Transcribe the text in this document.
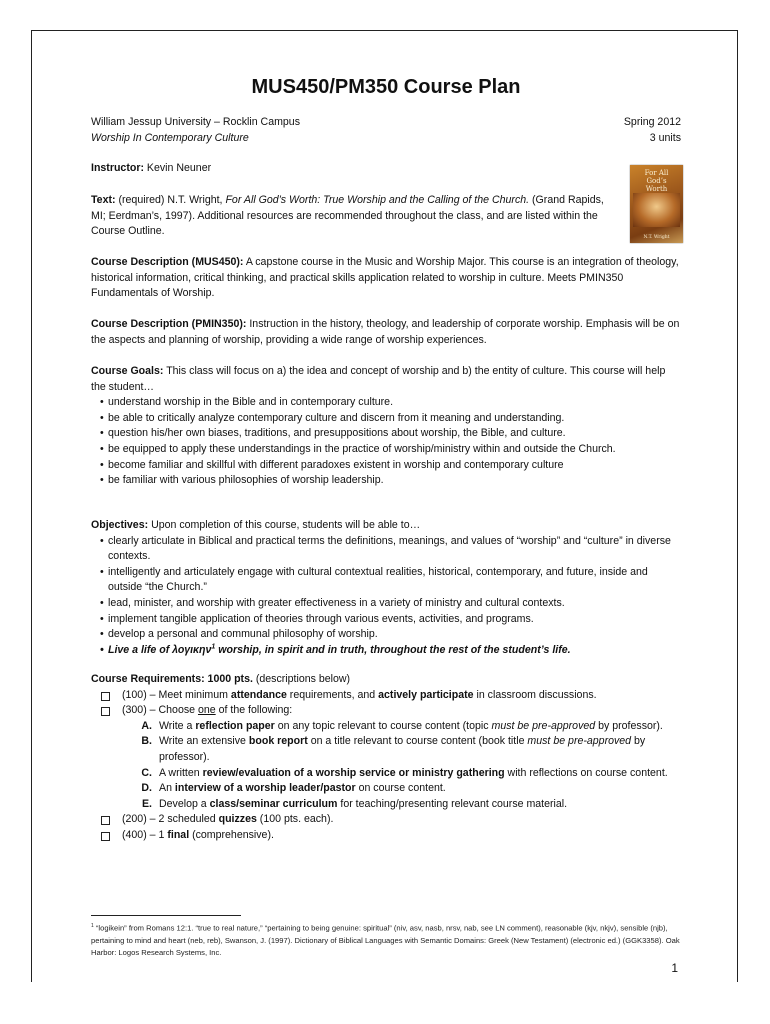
MUS450/PM350 Course Plan
William Jessup University – Rocklin Campus
Worship In Contemporary Culture
Spring 2012
3 units
Instructor: Kevin Neuner
Text: (required) N.T. Wright, For All God’s Worth: True Worship and the Calling of the Church. (Grand Rapids, MI; Eerdman’s, 1997). Additional resources are recommended throughout the class, and are listed within the Course Outline.
Course Description (MUS450): A capstone course in the Music and Worship Major. This course is an integration of theology, historical information, critical thinking, and practical skills application related to worship in culture. Meets PMIN350 Fundamentals of Worship.
Course Description (PMIN350): Instruction in the history, theology, and leadership of corporate worship. Emphasis will be on the aspects and planning of worship, providing a wide range of worship experiences.
Course Goals: This class will focus on a) the idea and concept of worship and b) the entity of culture. This course will help the student…
• understand worship in the Bible and in contemporary culture.
• be able to critically analyze contemporary culture and discern from it meaning and understanding.
• question his/her own biases, traditions, and presuppositions about worship, the Bible, and culture.
• be equipped to apply these understandings in the practice of worship/ministry within and outside the Church.
• become familiar and skillful with different paradoxes existent in worship and contemporary culture
• be familiar with various philosophies of worship leadership.
Objectives: Upon completion of this course, students will be able to…
• clearly articulate in Biblical and practical terms the definitions, meanings, and values of “worship” and “culture” in diverse contexts.
• intelligently and articulately engage with cultural contextual realities, historical, contemporary, and future, inside and outside “the Church.”
• lead, minister, and worship with greater effectiveness in a variety of ministry and cultural contexts.
• implement tangible application of theories through various events, activities, and programs.
• develop a personal and communal philosophy of worship.
• Live a life of λογικην$^1$ worship, in spirit and in truth, throughout the rest of the student’s life.
Course Requirements: 1000 pts. (descriptions below)
(100) – Meet minimum attendance requirements, and actively participate in classroom discussions.
(300) – Choose one of the following:
A. Write a reflection paper on any topic relevant to course content (topic must be pre-approved by professor).
B. Write an extensive book report on a title relevant to course content (book title must be pre-approved by professor).
C. A written review/evaluation of a worship service or ministry gathering with reflections on course content.
D. An interview of a worship leader/pastor on course content.
E. Develop a class/seminar curriculum for teaching/presenting relevant course material.
(200) – 2 scheduled quizzes (100 pts. each).
(400) – 1 final (comprehensive).
For All
God’s
Worth
N.T. Wright
$^1$ “logikein” from Romans 12:1. “true to real nature,” “pertaining to being genuine: spiritual” (niv, asv, nasb, nrsv, nab, see LN comment), reasonable (kjv, nkjv), sensible (njb), pertaining to mind and heart (neb, reb), Swanson, J. (1997). Dictionary of Biblical Languages with Semantic Domains: Greek (New Testament) (electronic ed.) (GGK3358). Oak Harbor: Logos Research Systems, Inc.
1
